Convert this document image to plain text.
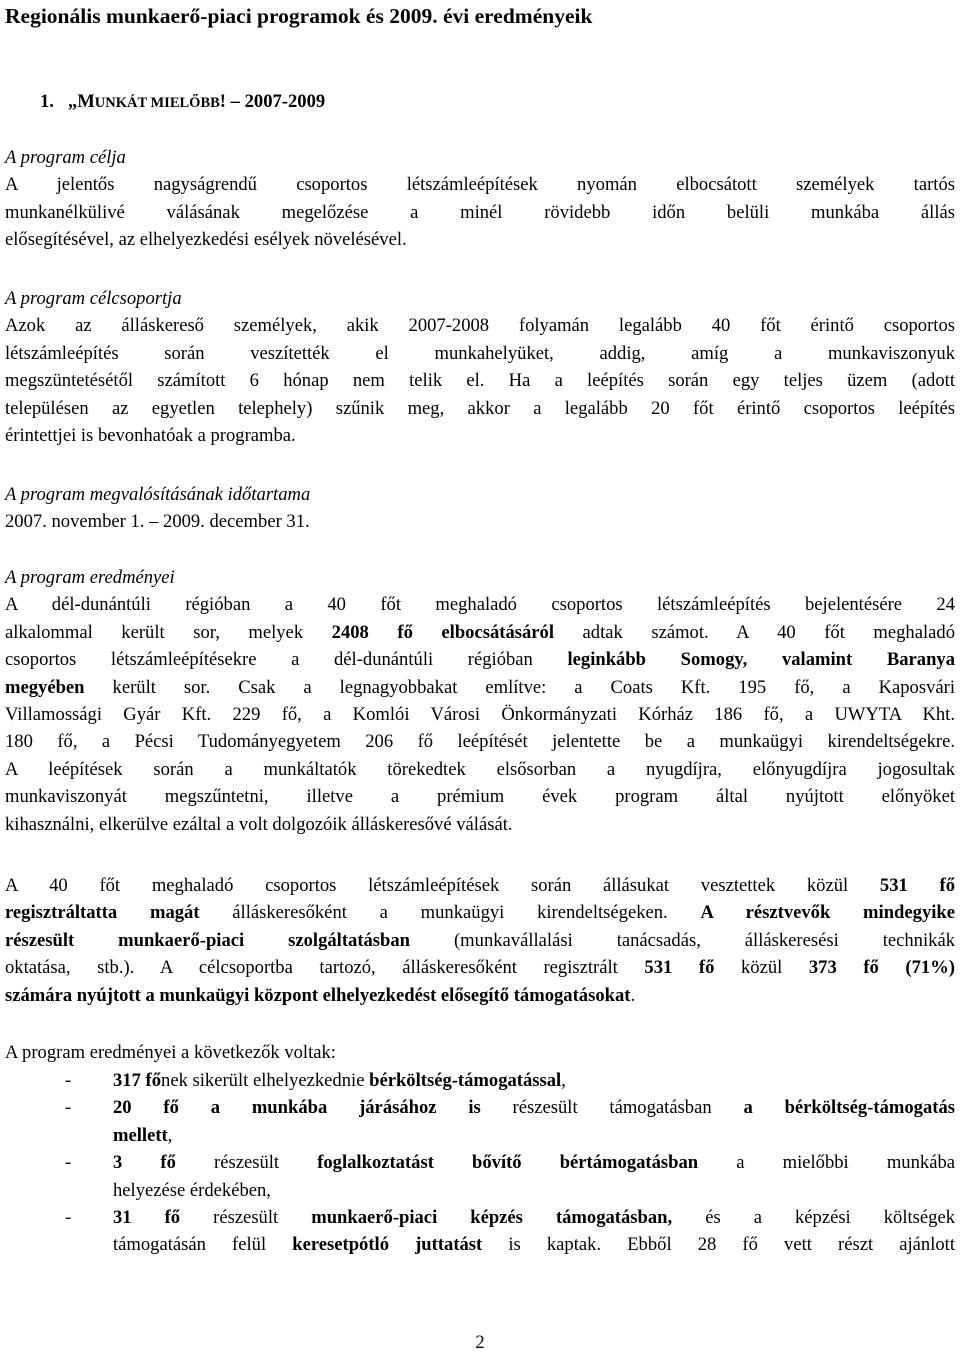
Regionális munkaerő-piaci programok és 2009. évi eredményeik
1. „MUNKÁT MIELŐBB! – 2007-2009

A program célja

A jelentős nagyságrendű csoportos létszámleépítések nyomán elbocsátott személyek tartós

munkanélkülivé válásának megelőzése a minél rövidebb időn belüli munkába állás

elősegítésével, az elhelyezkedési esélyek növelésével.

A program célcsoportja

Azok az álláskereső személyek, akik 2007-2008 folyamán legalább 40 főt érintő csoportos

létszámleépítés során veszítették el munkahelyüket, addig, amíg a munkaviszonyuk

megszüntetésétől számított 6 hónap nem telik el. Ha a leépítés során egy teljes üzem (adott

településen az egyetlen telephely) szűnik meg, akkor a legalább 20 főt érintő csoportos leépítés

érintettjei is bevonhatóak a programba.

A program megvalósításának időtartama

2007. november 1. – 2009. december 31.

A program eredményei

A dél-dunántúli régióban a 40 főt meghaladó csoportos létszámleépítés bejelentésére 24

alkalommal került sor, melyek 2408 fő elbocsátásáról adtak számot. A 40 főt meghaladó

csoportos létszámleépítésekre a dél-dunántúli régióban leginkább Somogy, valamint Baranya

megyében került sor. Csak a legnagyobbakat említve: a Coats Kft. 195 fő, a Kaposvári

Villamossági Gyár Kft. 229 fő, a Komlói Városi Önkormányzati Kórház 186 fő, a UWYTA Kht.

180 fő, a Pécsi Tudományegyetem 206 fő leépítését jelentette be a munkaügyi kirendeltségekre.

A leépítések során a munkáltatók törekedtek elsősorban a nyugdíjra, előnyugdíjra jogosultak

munkaviszonyát megszűntetni, illetve a prémium évek program által nyújtott előnyöket

kihasználni, elkerülve ezáltal a volt dolgozóik álláskeresővé válását.

A 40 főt meghaladó csoportos létszámleépítések során állásukat vesztettek közül 531 fő

regisztráltatta magát álláskeresőként a munkaügyi kirendeltségeken. A résztvevők mindegyike

részesült munkaerő-piaci szolgáltatásban (munkavállalási tanácsadás, álláskeresési technikák

oktatása, stb.). A célcsoportba tartozó, álláskeresőként regisztrált 531 fő közül 373 fő (71%)

számára nyújtott a munkaügyi központ elhelyezkedést elősegítő támogatásokat.

A program eredményei a következők voltak:
-	317 főnek sikerült elhelyezkednie bérköltség-támogatással,

-	20 fő a munkába járásához is részesült támogatásban a bérköltség-támogatás

mellett,

-	3 fő részesült foglalkoztatást bővítő bértámogatásban a mielőbbi munkába

helyezése érdekében,

-	31 fő részesült munkaerő-piaci képzés támogatásban, és a képzési költségek

támogatásán felül keresetpótló juttatást is kaptak. Ebből 28 fő vett részt ajánlott

2
